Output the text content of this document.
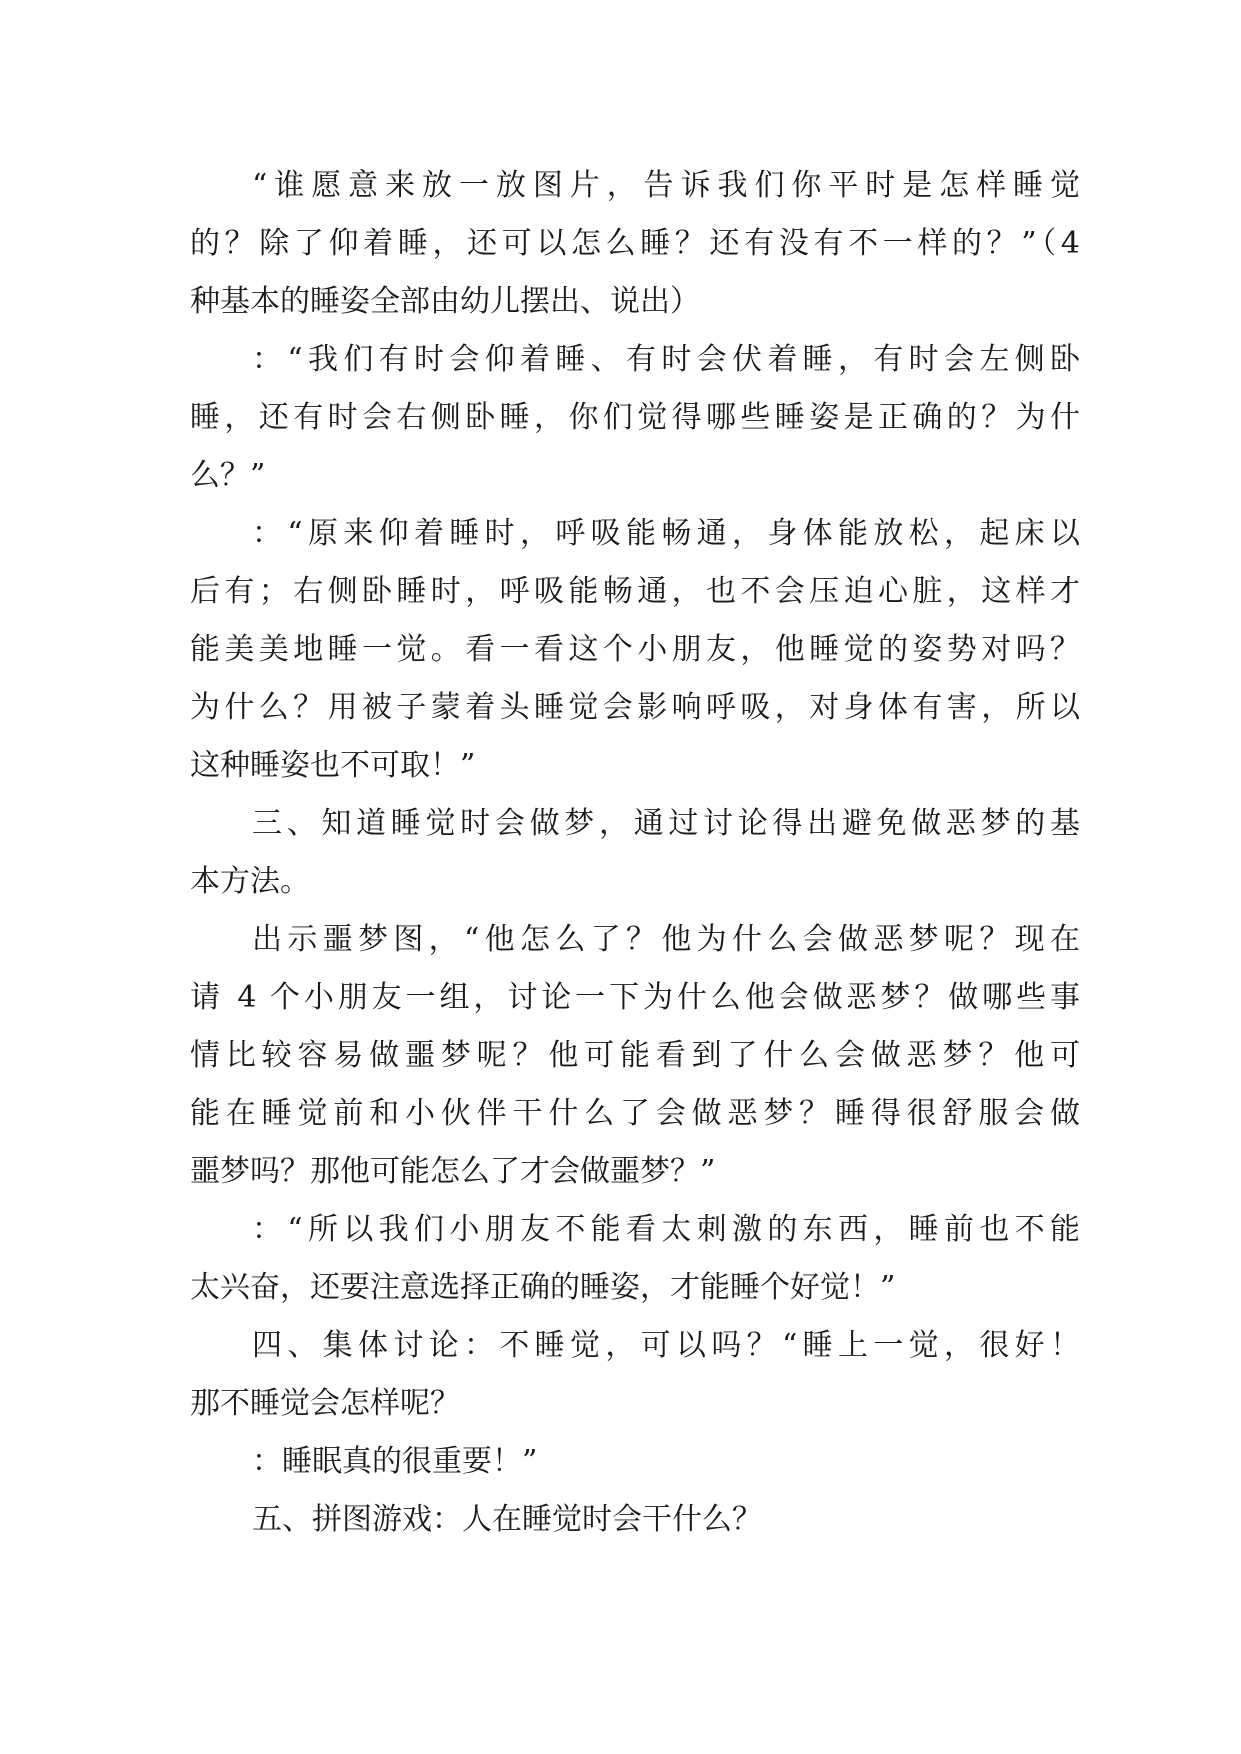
“谁愿意来放一放图片，告诉我们你平时是怎样睡觉
的？除了仰着睡，还可以怎么睡？还有没有不一样的？”（4
种基本的睡姿全部由幼儿摆出、说出）
：“我们有时会仰着睡、有时会伏着睡，有时会左侧卧
睡，还有时会右侧卧睡，你们觉得哪些睡姿是正确的？为什
么？”
：“原来仰着睡时，呼吸能畅通，身体能放松，起床以
后有；右侧卧睡时，呼吸能畅通，也不会压迫心脏，这样才
能美美地睡一觉。看一看这个小朋友，他睡觉的姿势对吗？
为什么？用被子蒙着头睡觉会影响呼吸，对身体有害，所以
这种睡姿也不可取！”
三、知道睡觉时会做梦，通过讨论得出避免做恶梦的基
本方法。
出示噩梦图，“他怎么了？他为什么会做恶梦呢？现在
请 4 个小朋友一组，讨论一下为什么他会做恶梦？做哪些事
情比较容易做噩梦呢？他可能看到了什么会做恶梦？他可
能在睡觉前和小伙伴干什么了会做恶梦？睡得很舒服会做
噩梦吗？那他可能怎么了才会做噩梦？”
：“所以我们小朋友不能看太刺激的东西，睡前也不能
太兴奋，还要注意选择正确的睡姿，才能睡个好觉！”
四、集体讨论：不睡觉，可以吗？“睡上一觉，很好！
那不睡觉会怎样呢？
：睡眠真的很重要！”
五、拼图游戏：人在睡觉时会干什么？
